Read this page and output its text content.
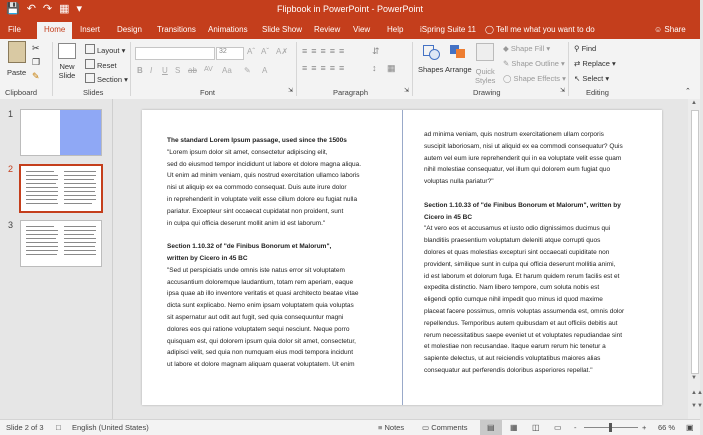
💾 ↶ ↷ ▦ ▾	Flipbook in PowerPoint - PowerPoint
File	Home	Insert Design Transitions Animations Slide Show Review View Help iSpring Suite 11 ◯ Tell me what you want to do	☺ Share
Paste
✂
❐
✎
Clipboard
New
Slide
Layout ▾
Reset
Section ▾
Slides
32	Aˆ Aˇ A✗
B I U S ab AV Aa ✎ A
Font	⇲
≡≡≡≡≡
≡≡≡≡≡
⇵
↕ ▦
Paragraph	⇲
Shapes Arrange Quick
Styles
◆ Shape Fill ▾
✎ Shape Outline ▾
◯ Shape Effects ▾
Drawing	⇲
⚲ Find
⇄ Replace ▾
↖ Select ▾
Editing	⌃
1
2
3

The standard Lorem Ipsum passage, used since the 1500s

"Lorem ipsum dolor sit amet, consectetur adipiscing elit,

sed do eiusmod tempor incididunt ut labore et dolore magna aliqua.

Ut enim ad minim veniam, quis nostrud exercitation ullamco laboris

nisi ut aliquip ex ea commodo consequat. Duis aute irure dolor

in reprehenderit in voluptate velit esse cillum dolore eu fugiat nulla

pariatur. Excepteur sint occaecat cupidatat non proident, sunt

in culpa qui officia deserunt mollit anim id est laborum."

Section 1.10.32 of "de Finibus Bonorum et Malorum",

written by Cicero in 45 BC

"Sed ut perspiciatis unde omnis iste natus error sit voluptatem

accusantium doloremque laudantium, totam rem aperiam, eaque

ipsa quae ab illo inventore veritatis et quasi architecto beatae vitae

dicta sunt explicabo. Nemo enim ipsam voluptatem quia voluptas

sit aspernatur aut odit aut fugit, sed quia consequuntur magni

dolores eos qui ratione voluptatem sequi nesciunt. Neque porro

quisquam est, qui dolorem ipsum quia dolor sit amet, consectetur,

adipisci velit, sed quia non numquam eius modi tempora incidunt

ut labore et dolore magnam aliquam quaerat voluptatem. Ut enim

ad minima veniam, quis nostrum exercitationem ullam corporis

suscipit laboriosam, nisi ut aliquid ex ea commodi consequatur? Quis

autem vel eum iure reprehenderit qui in ea voluptate velit esse quam

nihil molestiae consequatur, vel illum qui dolorem eum fugiat quo

voluptas nulla pariatur?"

Section 1.10.33 of "de Finibus Bonorum et Malorum", written by

Cicero in 45 BC

"At vero eos et accusamus et iusto odio dignissimos ducimus qui

blanditiis praesentium voluptatum deleniti atque corrupti quos

dolores et quas molestias excepturi sint occaecati cupiditate non

provident, similique sunt in culpa qui officia deserunt mollitia animi,

id est laborum et dolorum fuga. Et harum quidem rerum facilis est et

expedita distinctio. Nam libero tempore, cum soluta nobis est

eligendi optio cumque nihil impedit quo minus id quod maxime

placeat facere possimus, omnis voluptas assumenda est, omnis dolor

repellendus. Temporibus autem quibusdam et aut officiis debitis aut

rerum necessitatibus saepe eveniet ut et voluptates repudiandae sint

et molestiae non recusandae. Itaque earum rerum hic tenetur a

sapiente delectus, ut aut reiciendis voluptatibus maiores alias

consequatur aut perferendis doloribus asperiores repellat."

▲
▼
▲▲
▼▼
Slide 2 of 3 □ English (United States)	≡ Notes ▭ Comments ▤ ▦ ◫ ▭ -	+ 66 % ▣
